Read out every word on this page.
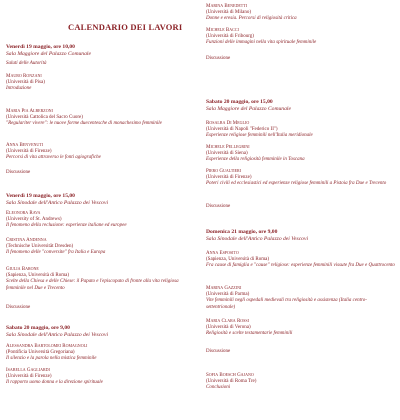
CALENDARIO DEI LAVORI
Venerdì 19 maggio, ore 10,00
Sala Maggiore del Palazzo Comunale
Saluti delle Autorità
Mauro Ronzani
(Università di Pisa)
Introduzione
Maria Pia Alberzoni
(Università Cattolica del Sacro Cuore)
"Regulariter vivere": le nuove forme duecentesche di monachesimo femminile
Anna Benvenuti
(Università di Firenze)
Percorsi di vita attraverso le fonti agiografiche
Discussione
Venerdì 19 maggio, ore 15,00
Sala Sinodale dell'Antico Palazzo dei Vescovi
Eleonora Rava
(University of St. Andrews)
Il fenomeno della reclusione: esperienze italiane ed europee
Cristina Andenna
(Technische Universität Dresden)
Il fenomeno delle "conversite" fra Italia e Europa
Giulia Barone
(Sapienza, Università di Roma)
Scelte della Chiesa e delle Chiese: il Papato e l'episcopato di fronte alla vita religiosa femminile nel Due e Trecento
Discussione
Sabato 20 maggio, ore 9,00
Sala Sinodale dell'Antico Palazzo dei Vescovi
Alessandra Bartolomei Romagnoli
(Pontificia Università Gregoriana)
Il silenzio e la parola nella mistica femminile
Isabella Gagliardi
(Università di Firenze)
Il rapporto uomo donna e la direzione spirituale
Marina Benedetti
(Università di Milano)
Donne e eresia. Percorsi di religiosità critica
Michele Bacci
(Università di Fribourg)
Funzioni delle immagini nella vita spirituale femminile
Discussione
Sabato 20 maggio, ore 15,00
Sala Maggiore del Palazzo Comunale
Rosalba Di Meglio
(Università di Napoli "Federico II")
Esperienze religiose femminili nell'Italia meridionale
Michele Pellegrini
(Università di Siena)
Esperienze della religiosità femminile in Toscana
Piero Gualtieri
(Università di Firenze)
Poteri civili ed ecclesiastici ed esperienze religiose femminili a Pistoia fra Due e Trecento
Discussione
Domenica 21 maggio, ore 9,00
Sala Sinodale dell'Antico Palazzo dei Vescovi
Anna Esposito
(Sapienza, Università di Roma)
Fra cause di famiglia e "cause" religiose: esperienze femminili vissute fra Due e Quattrocento
Marina Gazzini
(Università di Parma)
Vite femminili negli ospedali medievali tra religiosità e assistenza (Italia centro-settentrionale)
Maria Clara Rossi
(Università di Verona)
Religiosità e scelte testamentarie femminili
Discussione
Sofia Boesch Gajano
(Università di Roma Tre)
Conclusioni
